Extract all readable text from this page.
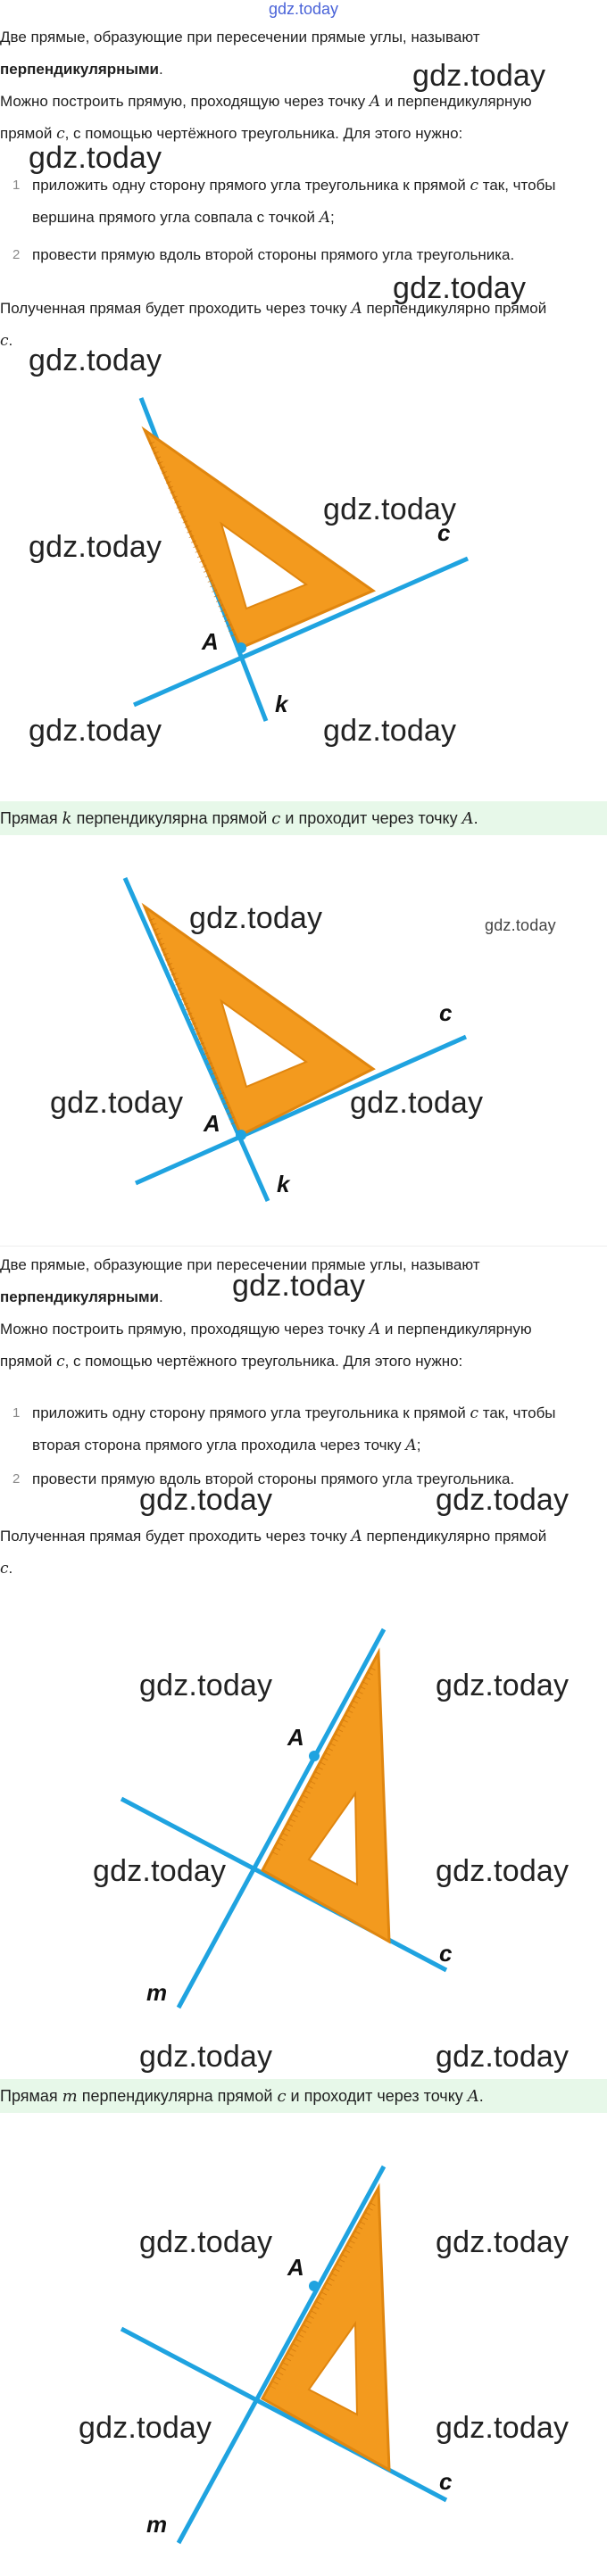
gdz.today

Две прямые, образующие при пересечении прямые углы, называют

перпендикулярными.

Можно построить прямую, проходящую через точку A и перпендикулярную

прямой c, с помощью чертёжного треугольника. Для этого нужно:

1 приложить одну сторону прямого угла треугольника к прямой c так, чтобы
вершина прямого угла совпала с точкой A;
2 провести прямую вдоль второй стороны прямого угла треугольника.

Полученная прямая будет проходить через точку A перпендикулярно прямой

c.

gdz.today
gdz.today
gdz.today
c
A
k
gdz.today
gdz.today
gdz.today
gdz.today	gdz.today
Прямая k перпендикулярна прямой c и проходит через точку A.
c
A
k
gdz.today	gdz.today
gdz.today	gdz.today

Две прямые, образующие при пересечении прямые углы, называют

перпендикулярными.

Можно построить прямую, проходящую через точку A и перпендикулярную

прямой c, с помощью чертёжного треугольника. Для этого нужно:

1 приложить одну сторону прямого угла треугольника к прямой c так, чтобы
вторая сторона прямого угла проходила через точку A;
2 провести прямую вдоль второй стороны прямого угла треугольника.

Полученная прямая будет проходить через точку A перпендикулярно прямой

c.

gdz.today
gdz.today	gdz.today
A
c
m
gdz.today	gdz.today
gdz.today	gdz.today
gdz.today	gdz.today
Прямая m перпендикулярна прямой c и проходит через точку A.
A
c
m
gdz.today	gdz.today
gdz.today	gdz.today
